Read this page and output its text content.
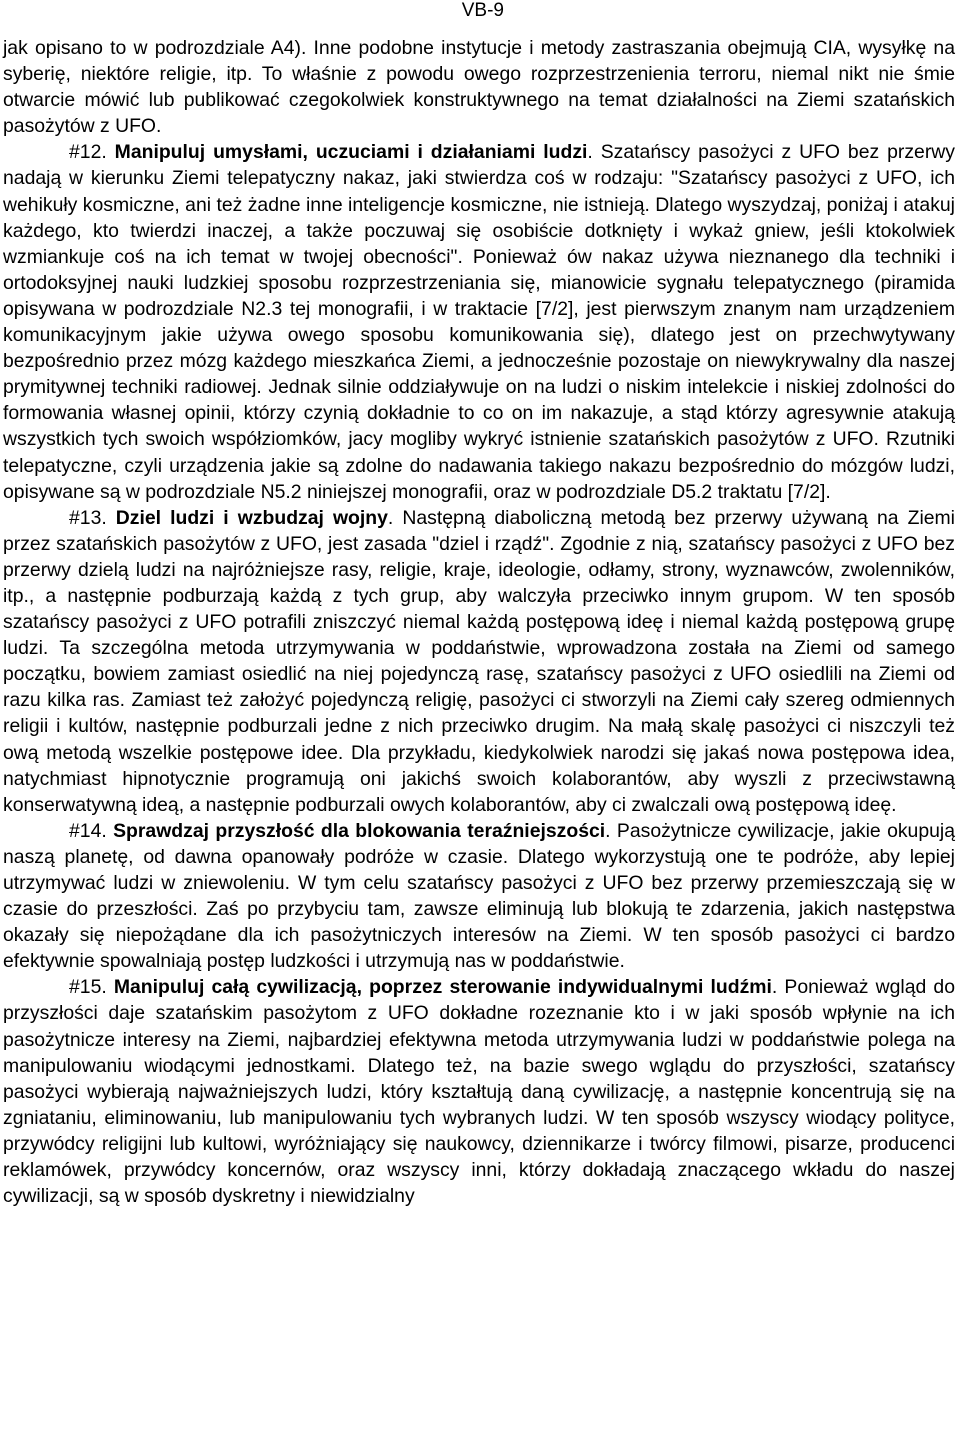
VB-9

jak opisano to w podrozdziale A4). Inne podobne instytucje i metody zastraszania obejmują CIA, wysyłkę na syberię, niektóre religie, itp. To właśnie z powodu owego rozprzestrzenienia terroru, niemal nikt nie śmie otwarcie mówić lub publikować czegokolwiek konstruktywnego na temat działalności na Ziemi szatańskich pasożytów z UFO.

#12. Manipuluj umysłami, uczuciami i działaniami ludzi. Szatańscy pasożyci z UFO bez przerwy nadają w kierunku Ziemi telepatyczny nakaz, jaki stwierdza coś w rodzaju: "Szatańscy pasożyci z UFO, ich wehikuły kosmiczne, ani też żadne inne inteligencje kosmiczne, nie istnieją. Dlatego wyszydzaj, poniżaj i atakuj każdego, kto twierdzi inaczej, a także poczuwaj się osobiście dotknięty i wykaż gniew, jeśli ktokolwiek wzmiankuje coś na ich temat w twojej obecności". Ponieważ ów nakaz używa nieznanego dla techniki i ortodoksyjnej nauki ludzkiej sposobu rozprzestrzeniania się, mianowicie sygnału telepatycznego (piramida opisywana w podrozdziale N2.3 tej monografii, i w traktacie [7/2], jest pierwszym znanym nam urządzeniem komunikacyjnym jakie używa owego sposobu komunikowania się), dlatego jest on przechwytywany bezpośrednio przez mózg każdego mieszkańca Ziemi, a jednocześnie pozostaje on niewykrywalny dla naszej prymitywnej techniki radiowej. Jednak silnie oddziaływuje on na ludzi o niskim intelekcie i niskiej zdolności do formowania własnej opinii, którzy czynią dokładnie to co on im nakazuje, a stąd którzy agresywnie atakują wszystkich tych swoich współziomków, jacy mogliby wykryć istnienie szatańskich pasożytów z UFO. Rzutniki telepatyczne, czyli urządzenia jakie są zdolne do nadawania takiego nakazu bezpośrednio do mózgów ludzi, opisywane są w podrozdziale N5.2 niniejszej monografii, oraz w podrozdziale D5.2 traktatu [7/2].

#13. Dziel ludzi i wzbudzaj wojny. Następną diaboliczną metodą bez przerwy używaną na Ziemi przez szatańskich pasożytów z UFO, jest zasada "dziel i rządź". Zgodnie z nią, szatańscy pasożyci z UFO bez przerwy dzielą ludzi na najróżniejsze rasy, religie, kraje, ideologie, odłamy, strony, wyznawców, zwolenników, itp., a następnie podburzają każdą z tych grup, aby walczyła przeciwko innym grupom. W ten sposób szatańscy pasożyci z UFO potrafili zniszczyć niemal każdą postępową ideę i niemal każdą postępową grupę ludzi. Ta szczególna metoda utrzymywania w poddaństwie, wprowadzona została na Ziemi od samego początku, bowiem zamiast osiedlić na niej pojedynczą rasę, szatańscy pasożyci z UFO osiedlili na Ziemi od razu kilka ras. Zamiast też założyć pojedynczą religię, pasożyci ci stworzyli na Ziemi cały szereg odmiennych religii i kultów, następnie podburzali jedne z nich przeciwko drugim. Na małą skalę pasożyci ci niszczyli też ową metodą wszelkie postępowe idee. Dla przykładu, kiedykolwiek narodzi się jakaś nowa postępowa idea, natychmiast hipnotycznie programują oni jakichś swoich kolaborantów, aby wyszli z przeciwstawną konserwatywną ideą, a następnie podburzali owych kolaborantów, aby ci zwalczali ową postępową ideę.

#14. Sprawdzaj przyszłość dla blokowania teraźniejszości. Pasożytnicze cywilizacje, jakie okupują naszą planetę, od dawna opanowały podróże w czasie. Dlatego wykorzystują one te podróże, aby lepiej utrzymywać ludzi w zniewoleniu. W tym celu szatańscy pasożyci z UFO bez przerwy przemieszczają się w czasie do przeszłości. Zaś po przybyciu tam, zawsze eliminują lub blokują te zdarzenia, jakich następstwa okazały się niepożądane dla ich pasożytniczych interesów na Ziemi. W ten sposób pasożyci ci bardzo efektywnie spowalniają postęp ludzkości i utrzymują nas w poddaństwie.

#15. Manipuluj całą cywilizacją, poprzez sterowanie indywidualnymi ludźmi. Ponieważ wgląd do przyszłości daje szatańskim pasożytom z UFO dokładne rozeznanie kto i w jaki sposób wpłynie na ich pasożytnicze interesy na Ziemi, najbardziej efektywna metoda utrzymywania ludzi w poddaństwie polega na manipulowaniu wiodącymi jednostkami. Dlatego też, na bazie swego wglądu do przyszłości, szatańscy pasożyci wybierają najważniejszych ludzi, który kształtują daną cywilizację, a następnie koncentrują się na zgniataniu, eliminowaniu, lub manipulowaniu tych wybranych ludzi. W ten sposób wszyscy wiodący polityce, przywódcy religijni lub kultowi, wyróżniający się naukowcy, dziennikarze i twórcy filmowi, pisarze, producenci reklamówek, przywódcy koncernów, oraz wszyscy inni, którzy dokładają znaczącego wkładu do naszej cywilizacji, są w sposób dyskretny i niewidzialny
